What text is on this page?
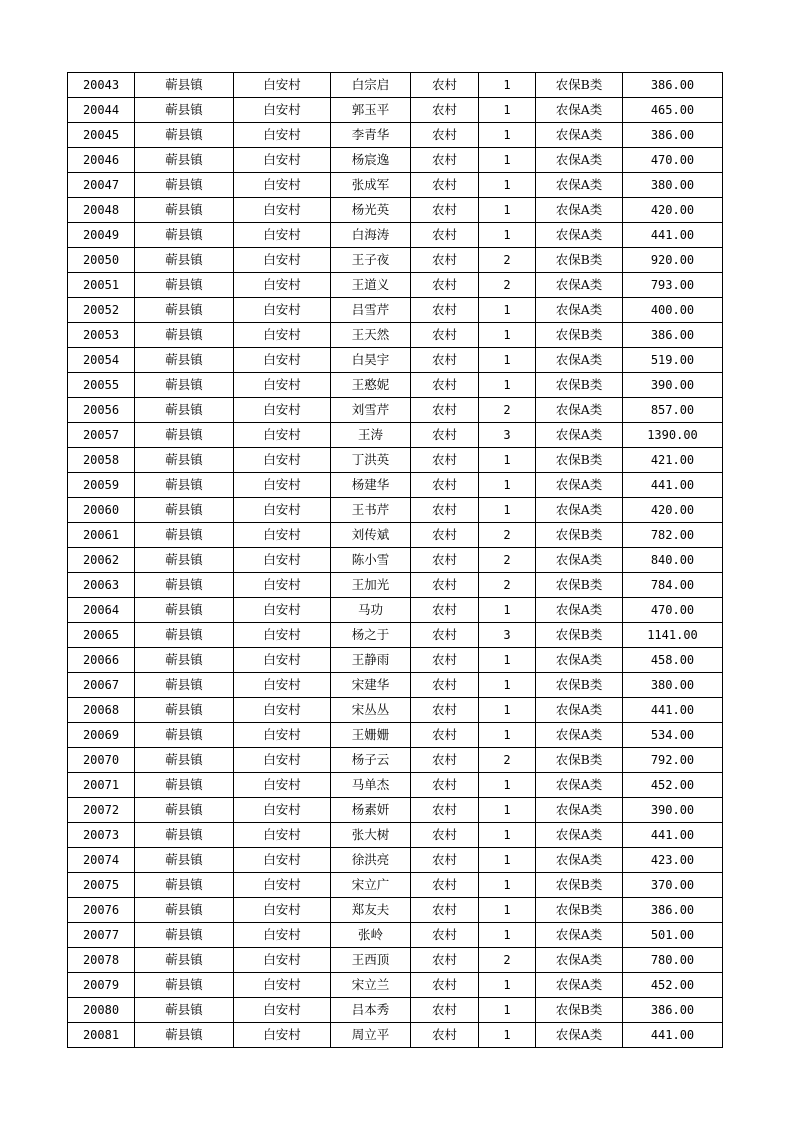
20043	蕲县镇	白安村	白宗启	农村	1	农保B类	386.00
20044	蕲县镇	白安村	郭玉平	农村	1	农保A类	465.00
20045	蕲县镇	白安村	李青华	农村	1	农保A类	386.00
20046	蕲县镇	白安村	杨宸逸	农村	1	农保A类	470.00
20047	蕲县镇	白安村	张成军	农村	1	农保A类	380.00
20048	蕲县镇	白安村	杨光英	农村	1	农保A类	420.00
20049	蕲县镇	白安村	白海涛	农村	1	农保A类	441.00
20050	蕲县镇	白安村	王子夜	农村	2	农保B类	920.00
20051	蕲县镇	白安村	王道义	农村	2	农保A类	793.00
20052	蕲县镇	白安村	吕雪芹	农村	1	农保A类	400.00
20053	蕲县镇	白安村	王天然	农村	1	农保B类	386.00
20054	蕲县镇	白安村	白昊宇	农村	1	农保A类	519.00
20055	蕲县镇	白安村	王憨妮	农村	1	农保B类	390.00
20056	蕲县镇	白安村	刘雪芹	农村	2	农保A类	857.00
20057	蕲县镇	白安村	王涛	农村	3	农保A类	1390.00
20058	蕲县镇	白安村	丁洪英	农村	1	农保B类	421.00
20059	蕲县镇	白安村	杨建华	农村	1	农保A类	441.00
20060	蕲县镇	白安村	王书芹	农村	1	农保A类	420.00
20061	蕲县镇	白安村	刘传斌	农村	2	农保B类	782.00
20062	蕲县镇	白安村	陈小雪	农村	2	农保A类	840.00
20063	蕲县镇	白安村	王加光	农村	2	农保B类	784.00
20064	蕲县镇	白安村	马功	农村	1	农保A类	470.00
20065	蕲县镇	白安村	杨之于	农村	3	农保B类	1141.00
20066	蕲县镇	白安村	王静雨	农村	1	农保A类	458.00
20067	蕲县镇	白安村	宋建华	农村	1	农保B类	380.00
20068	蕲县镇	白安村	宋丛丛	农村	1	农保A类	441.00
20069	蕲县镇	白安村	王姗姗	农村	1	农保A类	534.00
20070	蕲县镇	白安村	杨子云	农村	2	农保B类	792.00
20071	蕲县镇	白安村	马单杰	农村	1	农保A类	452.00
20072	蕲县镇	白安村	杨素妍	农村	1	农保A类	390.00
20073	蕲县镇	白安村	张大树	农村	1	农保A类	441.00
20074	蕲县镇	白安村	徐洪亮	农村	1	农保A类	423.00
20075	蕲县镇	白安村	宋立广	农村	1	农保B类	370.00
20076	蕲县镇	白安村	郑友夫	农村	1	农保B类	386.00
20077	蕲县镇	白安村	张岭	农村	1	农保A类	501.00
20078	蕲县镇	白安村	王西顶	农村	2	农保A类	780.00
20079	蕲县镇	白安村	宋立兰	农村	1	农保A类	452.00
20080	蕲县镇	白安村	吕本秀	农村	1	农保B类	386.00
20081	蕲县镇	白安村	周立平	农村	1	农保A类	441.00
